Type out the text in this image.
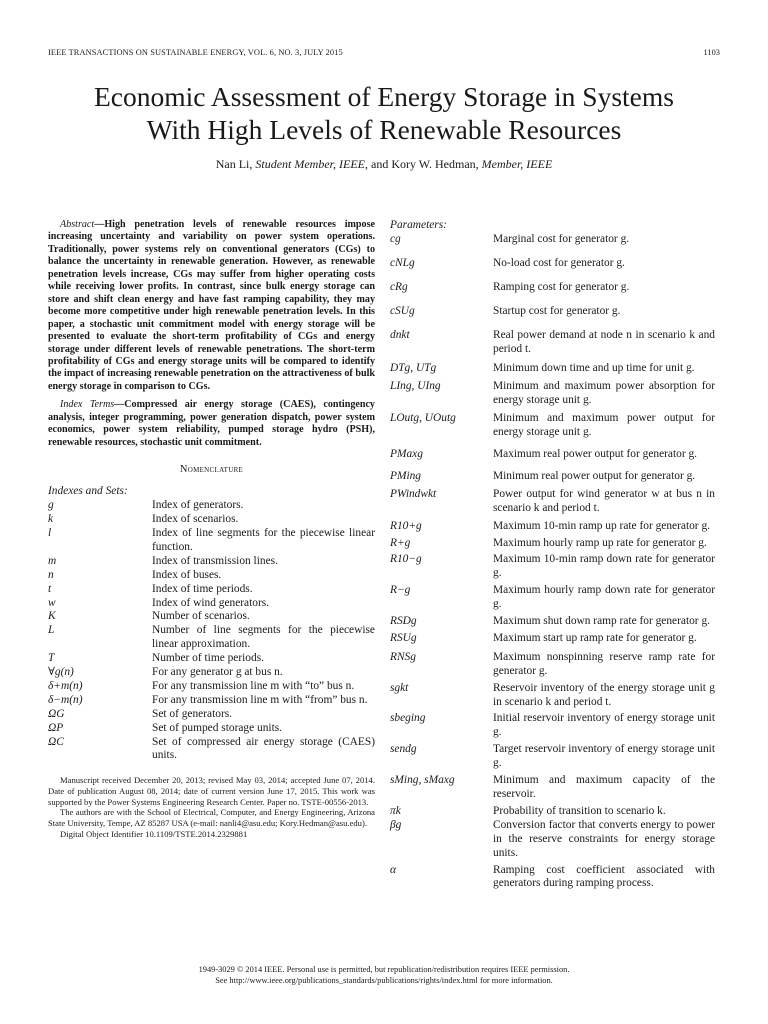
IEEE TRANSACTIONS ON SUSTAINABLE ENERGY, VOL. 6, NO. 3, JULY 2015	1103
Economic Assessment of Energy Storage in Systems
With High Levels of Renewable Resources
Nan Li, Student Member, IEEE, and Kory W. Hedman, Member, IEEE

Abstract—High penetration levels of renewable resources impose increasing uncertainty and variability on power system operations. Traditionally, power systems rely on conventional generators (CGs) to balance the uncertainty in renewable generation. However, as renewable penetration levels increase, CGs may suffer from higher operating costs while receiving lower profits. In contrast, since bulk energy storage can store and shift clean energy and have fast ramping capability, they may become more competitive under high renewable penetration levels. In this paper, a stochastic unit commitment model with energy storage will be presented to evaluate the short-term profitability of CGs and energy storage under different levels of renewable penetrations. The short-term profitability of CGs and energy storage units will be compared to identify the impact of increasing renewable penetration on the attractiveness of bulk energy storage in comparison to CGs.

Index Terms—Compressed air energy storage (CAES), contingency analysis, integer programming, power generation dispatch, power system economics, power system reliability, pumped storage hydro (PSH), renewable resources, stochastic unit commitment.

Nomenclature
Indexes and Sets:
g	Index of generators.
k	Index of scenarios.
l	Index of line segments for the piecewise linear function.
m	Index of transmission lines.
n	Index of buses.
t	Index of time periods.
w	Index of wind generators.
K	Number of scenarios.
L	Number of line segments for the piecewise linear approximation.
T	Number of time periods.
∀g(n)	For any generator g at bus n.
δ+m(n)	For any transmission line m with “to” bus n.
δ−m(n)	For any transmission line m with “from” bus n.
ΩG	Set of generators.
ΩP	Set of pumped storage units.
ΩC	Set of compressed air energy storage (CAES) units.

Manuscript received December 20, 2013; revised May 03, 2014; accepted June 07, 2014. Date of publication August 08, 2014; date of current version June 17, 2015. This work was supported by the Power Systems Engineering Research Center. Paper no. TSTE-00556-2013.

The authors are with the School of Electrical, Computer, and Energy Engineering, Arizona State University, Tempe, AZ 85287 USA (e-mail: nanli4@asu.edu; Kory.Hedman@asu.edu).

Digital Object Identifier 10.1109/TSTE.2014.2329881

Parameters:
cg	Marginal cost for generator g.
cNLg	No-load cost for generator g.
cRg	Ramping cost for generator g.
cSUg	Startup cost for generator g.
dnkt	Real power demand at node n in scenario k and period t.
DTg, UTg	Minimum down time and up time for unit g.
LIng, UIng	Minimum and maximum power absorption for energy storage unit g.
LOutg, UOutg	Minimum and maximum power output for energy storage unit g.
PMaxg	Maximum real power output for generator g.
PMing	Minimum real power output for generator g.
PWindwkt	Power output for wind generator w at bus n in scenario k and period t.
R10+g	Maximum 10-min ramp up rate for generator g.
R+g	Maximum hourly ramp up rate for generator g.
R10−g	Maximum 10-min ramp down rate for generator g.
R−g	Maximum hourly ramp down rate for generator g.
RSDg	Maximum shut down ramp rate for generator g.
RSUg	Maximum start up ramp rate for generator g.
RNSg	Maximum nonspinning reserve ramp rate for generator g.
sgkt	Reservoir inventory of the energy storage unit g in scenario k and period t.
sbeging	Initial reservoir inventory of energy storage unit g.
sendg	Target reservoir inventory of energy storage unit g.
sMing, sMaxg	Minimum and maximum capacity of the reservoir.
πk	Probability of transition to scenario k.
βg	Conversion factor that converts energy to power in the reserve constraints for energy storage units.
α	Ramping cost coefficient associated with generators during ramping process.
1949-3029 © 2014 IEEE. Personal use is permitted, but republication/redistribution requires IEEE permission.
See http://www.ieee.org/publications_standards/publications/rights/index.html for more information.
